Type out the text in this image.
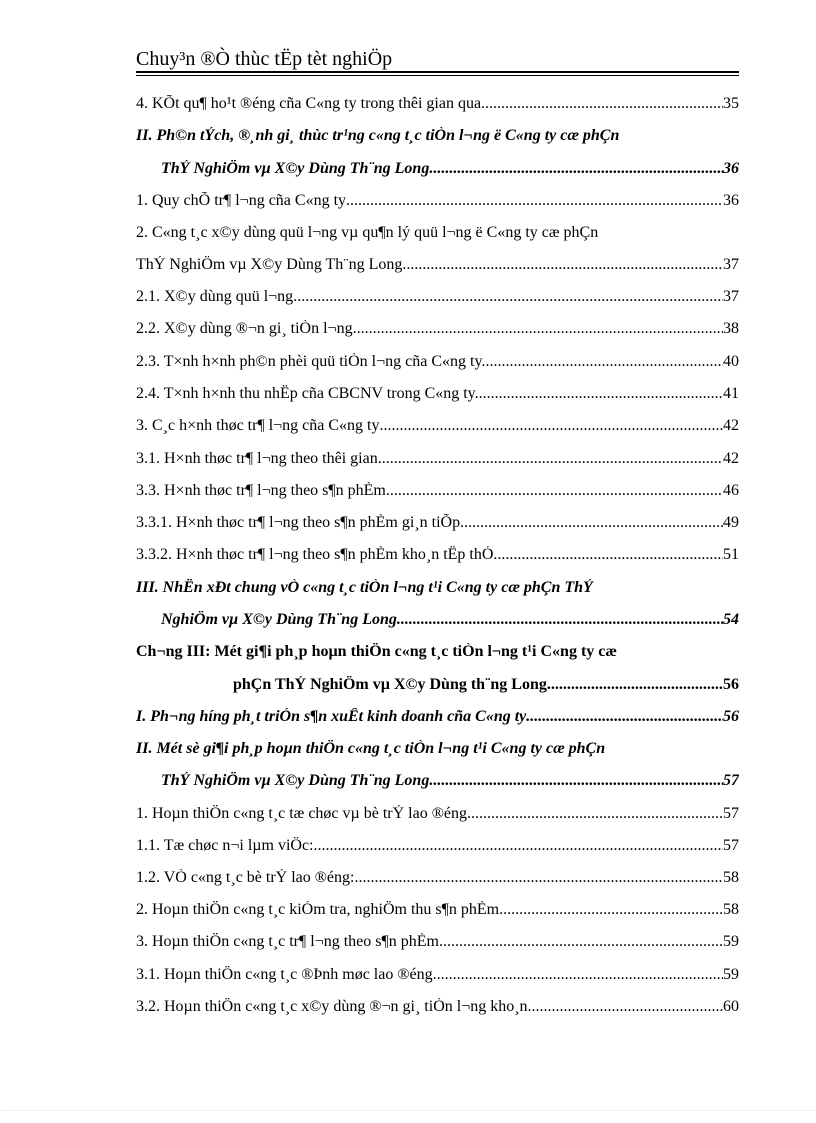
Chuy³n ®Ò thùc tËp tèt nghiÖp
4. KÕt qu¶ ho¹t ®éng cña C«ng ty trong thêi gian qua. . . .	35
II. Ph©n tÝch, ®¸nh gi¸ thùc tr¹ng c«ng t¸c tiÒn l¬ng ë C«ng ty cæ phÇn
ThÝ NghiÖm vµ X©y Dùng Th¨ng Long. . . .	36
1. Quy chÕ tr¶ l¬ng cña C«ng ty . . .	36
2. C«ng t¸c x©y dùng quü l¬ng vµ qu¶n lý quü l¬ng ë C«ng ty cæ phÇn
ThÝ NghiÖm vµ X©y Dùng Th¨ng Long . . .	37
2.1. X©y dùng quü l¬ng . . .	37
2.2. X©y dùng ®¬n gi¸ tiÒn l¬ng . . .	38
2.3. T×nh h×nh ph©n phèi quü tiÒn l¬ng cña C«ng ty. . . .	40
2.4. T×nh h×nh thu nhËp cña CBCNV trong C«ng ty. . . .	41
3. C¸c h×nh thøc tr¶ l¬ng cña C«ng ty . . .	42
3.1. H×nh thøc tr¶ l¬ng theo thêi gian . . .	42
3.3. H×nh thøc tr¶ l¬ng theo s¶n phÈm. . . .	46
3.3.1. H×nh thøc tr¶ l¬ng theo s¶n phÈm gi¸n tiÕp . . .	49
3.3.2. H×nh thøc tr¶ l¬ng theo s¶n phÈm kho¸n tËp thÓ . . .	51
III. NhËn xÐt chung vÒ c«ng t¸c tiÒn l¬ng t¹i C«ng ty cæ phÇn ThÝ
NghiÖm vµ X©y Dùng Th¨ng Long. . . .	54
Ch¬ng III: Mét gi¶i ph¸p hoµn thiÖn c«ng t¸c tiÒn l¬ng t¹i C«ng ty cæ
phÇn ThÝ NghiÖm vµ X©y Dùng th¨ng Long. . . .	56
I. Ph¬ng híng ph¸t triÓn s¶n xuÊt kinh doanh cña C«ng ty . . .	56
II. Mét sè gi¶i ph¸p hoµn thiÖn c«ng t¸c tiÒn l¬ng t¹i C«ng ty cæ phÇn
ThÝ NghiÖm vµ X©y Dùng Th¨ng Long. . . .	57
1. Hoµn thiÖn c«ng t¸c tæ chøc vµ bè trÝ lao ®éng. . . .	57
1.1. Tæ chøc n¬i lµm viÖc: . . .	57
1.2. VÒ c«ng t¸c bè trÝ lao ®éng: . . .	58
2. Hoµn thiÖn c«ng t¸c kiÓm tra, nghiÖm thu s¶n phÈm . . .	58
3. Hoµn thiÖn c«ng t¸c tr¶ l¬ng theo s¶n phÈm . . .	59
3.1. Hoµn thiÖn c«ng t¸c ®Þnh møc lao ®éng. . . .	59
3.2. Hoµn thiÖn c«ng t¸c x©y dùng ®¬n gi¸ tiÒn l¬ng kho¸n . . .	60
